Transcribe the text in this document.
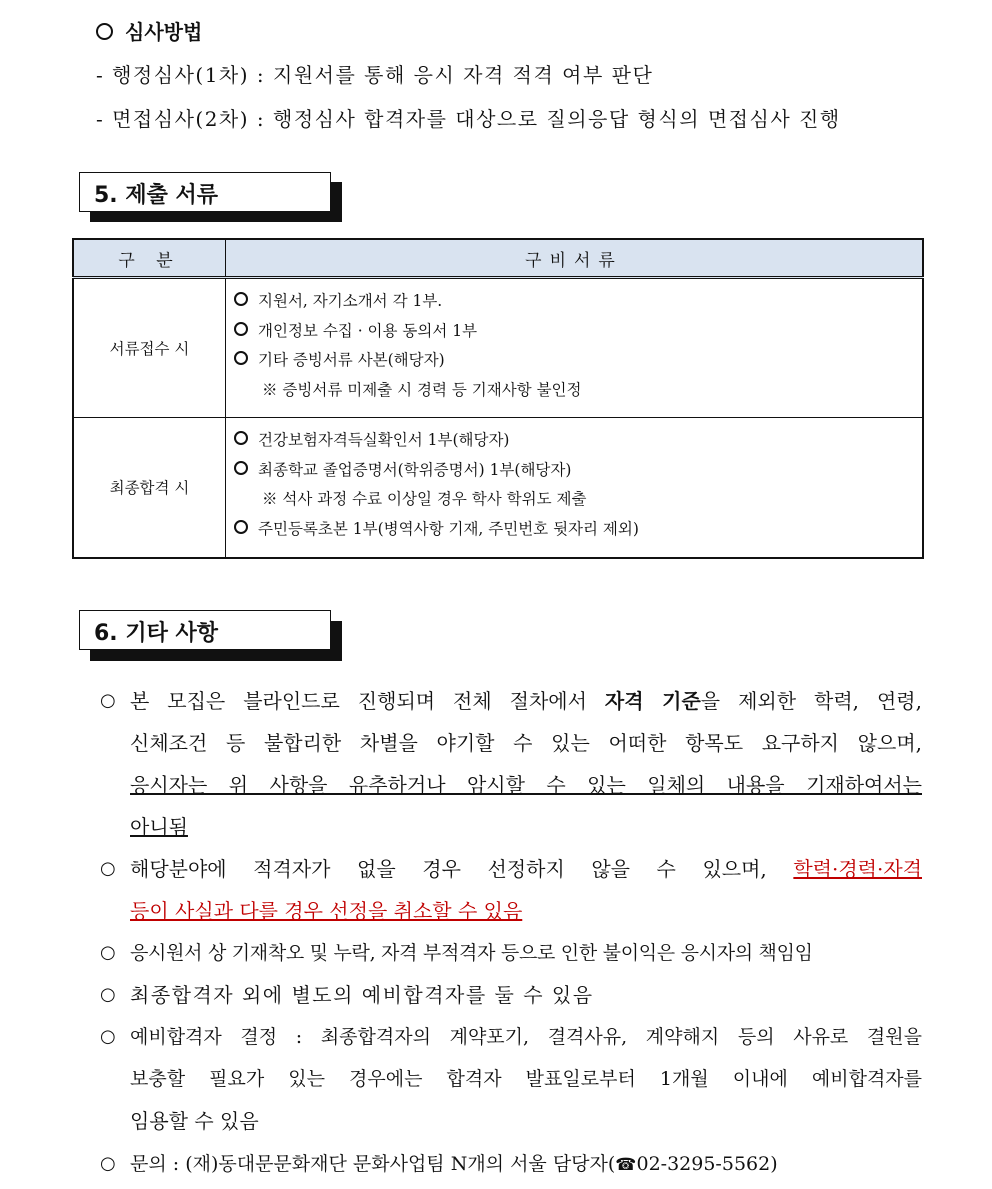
심사방법
- 행정심사(1차) : 지원서를 통해 응시 자격 적격 여부 판단
- 면접심사(2차) : 행정심사 합격자를 대상으로 질의응답 형식의 면접심사 진행
5. 제출 서류
구 분	구비서류
서류접수 시	지원서, 자기소개서 각 1부.
개인정보 수집 · 이용 동의서 1부
기타 증빙서류 사본(해당자)
※ 증빙서류 미제출 시 경력 등 기재사항 불인정

최종합격 시	건강보험자격득실확인서 1부(해당자)
최종학교 졸업증명서(학위증명서) 1부(해당자)
※ 석사 과정 수료 이상일 경우 학사 학위도 제출
주민등록초본 1부(병역사항 기재, 주민번호 뒷자리 제외)
6. 기타 사항
○ 본 모집은 블라인드로 진행되며 전체 절차에서 자격 기준을 제외한 학력, 연령,
신체조건 등 불합리한 차별을 야기할 수 있는 어떠한 항목도 요구하지 않으며,
응시자는 위 사항을 유추하거나 암시할 수 있는 일체의 내용을 기재하여서는
아니됨
○ 해당분야에 적격자가 없을 경우 선정하지 않을 수 있으며, 학력·경력·자격
등이 사실과 다를 경우 선정을 취소할 수 있음
○ 응시원서 상 기재착오 및 누락, 자격 부적격자 등으로 인한 불이익은 응시자의 책임임
○ 최종합격자 외에 별도의 예비합격자를 둘 수 있음
○ 예비합격자 결정 : 최종합격자의 계약포기, 결격사유, 계약해지 등의 사유로 결원을
보충할 필요가 있는 경우에는 합격자 발표일로부터 1개월 이내에 예비합격자를
임용할 수 있음
○ 문의 : (재)동대문문화재단 문화사업팀 N개의 서울 담당자(☎02-3295-5562)
